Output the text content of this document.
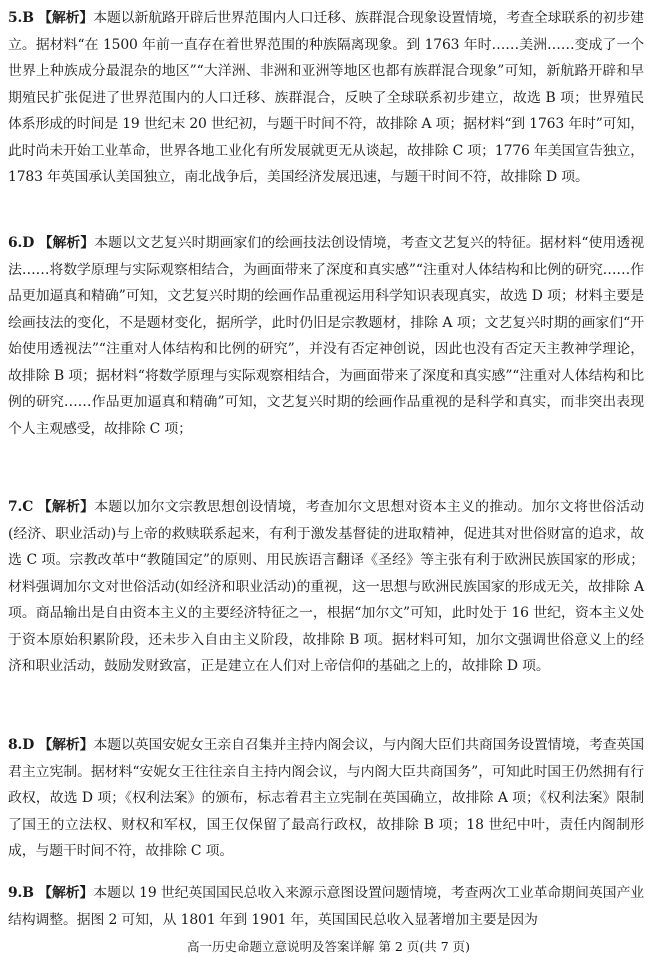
5.B 【解析】本题以新航路开辟后世界范围内人口迁移、族群混合现象设置情境，考查全球联系的初步建立。据材料“在 1500 年前一直存在着世界范围的种族隔离现象。到 1763 年时……美洲……变成了一个世界上种族成分最混杂的地区”“大洋洲、非洲和亚洲等地区也都有族群混合现象”可知，新航路开辟和早期殖民扩张促进了世界范围内的人口迁移、族群混合，反映了全球联系初步建立，故选 B 项；世界殖民体系形成的时间是 19 世纪末 20 世纪初，与题干时间不符，故排除 A 项；据材料“到 1763 年时”可知，此时尚未开始工业革命，世界各地工业化有所发展就更无从谈起，故排除 C 项；1776 年美国宣告独立，1783 年英国承认美国独立，南北战争后，美国经济发展迅速，与题干时间不符，故排除 D 项。
6.D 【解析】本题以文艺复兴时期画家们的绘画技法创设情境，考查文艺复兴的特征。据材料“使用透视法……将数学原理与实际观察相结合，为画面带来了深度和真实感”“注重对人体结构和比例的研究……作品更加逼真和精确”可知，文艺复兴时期的绘画作品重视运用科学知识表现真实，故选 D 项；材料主要是绘画技法的变化，不是题材变化，据所学，此时仍旧是宗教题材，排除 A 项；文艺复兴时期的画家们“开始使用透视法”“注重对人体结构和比例的研究”，并没有否定神创说，因此也没有否定天主教神学理论，故排除 B 项；据材料“将数学原理与实际观察相结合，为画面带来了深度和真实感”“注重对人体结构和比例的研究……作品更加逼真和精确”可知，文艺复兴时期的绘画作品重视的是科学和真实，而非突出表现个人主观感受，故排除 C 项；
7.C 【解析】本题以加尔文宗教思想创设情境，考查加尔文思想对资本主义的推动。加尔文将世俗活动(经济、职业活动)与上帝的救赎联系起来，有利于激发基督徒的进取精神，促进其对世俗财富的追求，故选 C 项。宗教改革中“教随国定”的原则、用民族语言翻译《圣经》等主张有利于欧洲民族国家的形成；材料强调加尔文对世俗活动(如经济和职业活动)的重视，这一思想与欧洲民族国家的形成无关，故排除 A 项。商品输出是自由资本主义的主要经济特征之一，根据“加尔文”可知，此时处于 16 世纪，资本主义处于资本原始积累阶段，还未步入自由主义阶段，故排除 B 项。据材料可知，加尔文强调世俗意义上的经济和职业活动，鼓励发财致富，正是建立在人们对上帝信仰的基础之上的，故排除 D 项。
8.D 【解析】本题以英国安妮女王亲自召集并主持内阁会议，与内阁大臣们共商国务设置情境，考查英国君主立宪制。据材料“安妮女王往往亲自主持内阁会议，与内阁大臣共商国务”，可知此时国王仍然拥有行政权，故选 D 项；《权利法案》的颁布，标志着君主立宪制在英国确立，故排除 A 项；《权利法案》限制了国王的立法权、财权和军权，国王仅保留了最高行政权，故排除 B 项；18 世纪中叶，责任内阁制形成，与题干时间不符，故排除 C 项。
9.B 【解析】本题以 19 世纪英国国民总收入来源示意图设置问题情境，考查两次工业革命期间英国产业结构调整。据图 2 可知，从 1801 年到 1901 年，英国国民总收入显著增加主要是因为
高一历史命题立意说明及答案详解 第 2 页(共 7 页)
